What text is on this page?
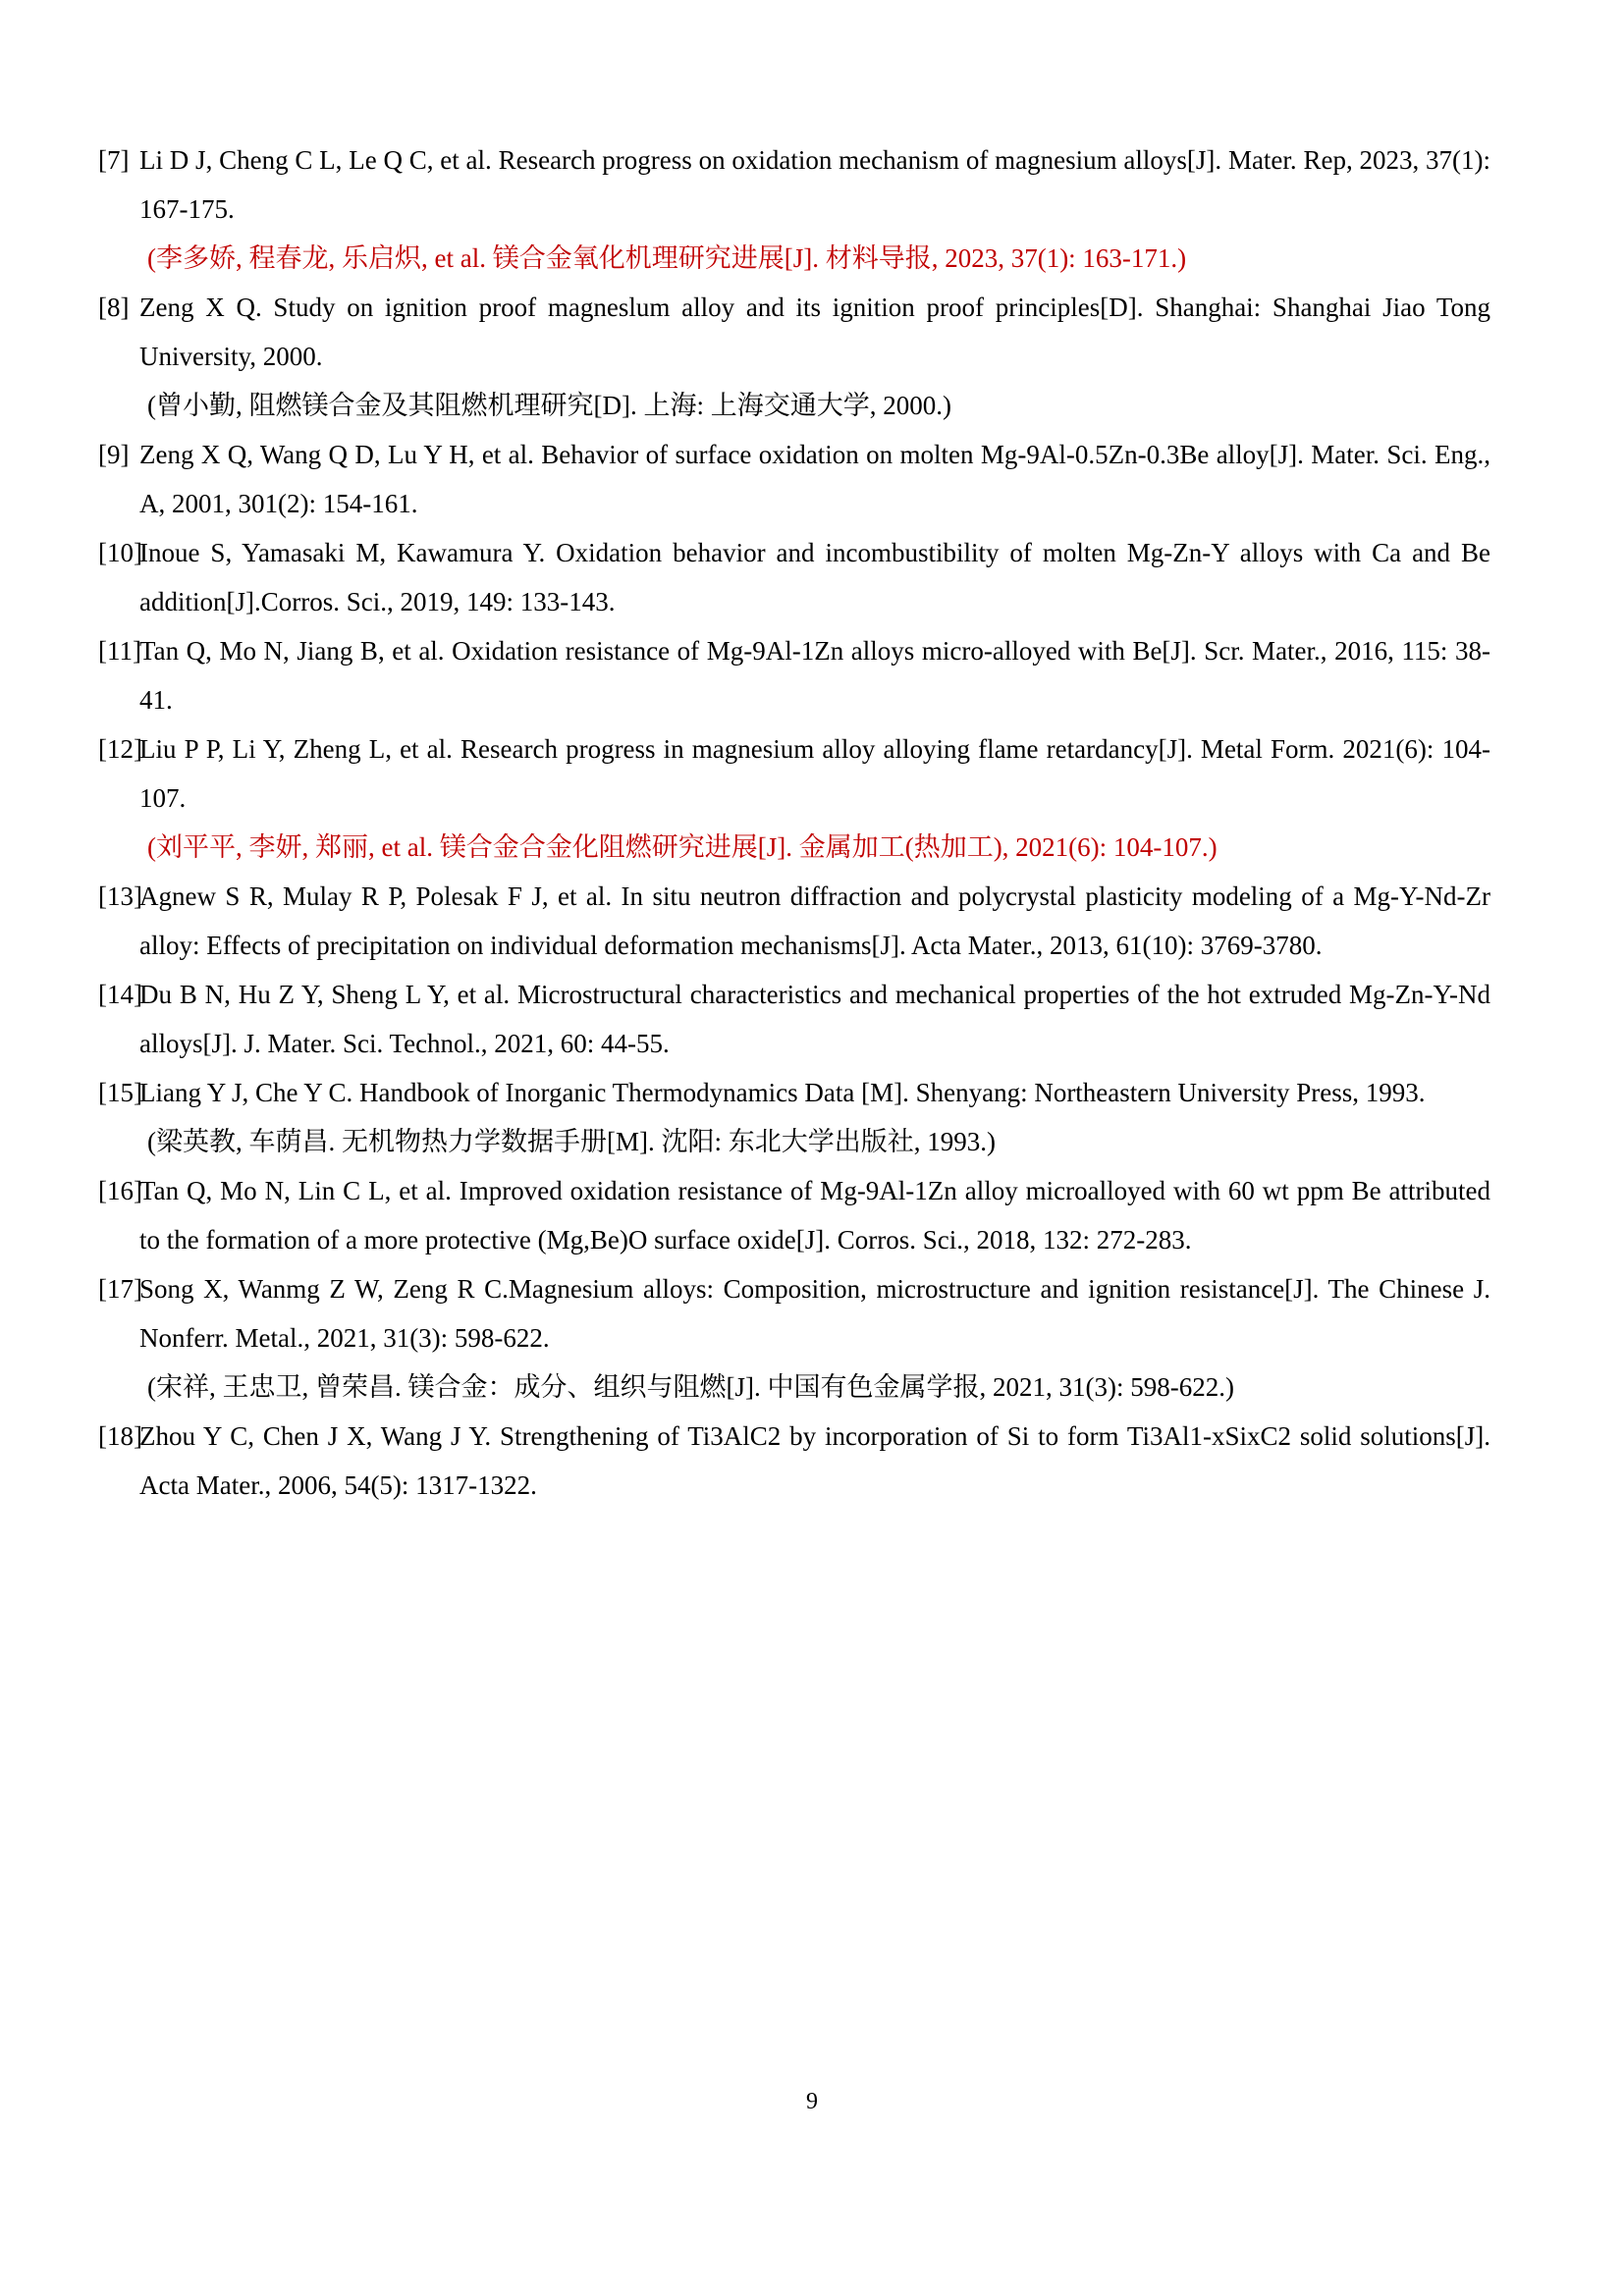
[7] Li D J, Cheng C L, Le Q C, et al. Research progress on oxidation mechanism of magnesium alloys[J]. Mater. Rep, 2023, 37(1): 167-175.
(李多娇, 程春龙, 乐启炽, et al. 镁合金氧化机理研究进展[J]. 材料导报, 2023, 37(1): 163-171.)
[8] Zeng X Q. Study on ignition proof magneslum alloy and its ignition proof principles[D]. Shanghai: Shanghai Jiao Tong University, 2000.
(曾小勤, 阻燃镁合金及其阻燃机理研究[D]. 上海: 上海交通大学, 2000.)
[9] Zeng X Q, Wang Q D, Lu Y H, et al. Behavior of surface oxidation on molten Mg-9Al-0.5Zn-0.3Be alloy[J]. Mater. Sci. Eng., A, 2001, 301(2): 154-161.
[10]
Inoue S, Yamasaki M, Kawamura Y. Oxidation behavior and incombustibility of molten Mg-Zn-Y alloys with Ca and Be addition[J].Corros. Sci., 2019, 149: 133-143.
[11]
Tan Q, Mo N, Jiang B, et al. Oxidation resistance of Mg-9Al-1Zn alloys micro-alloyed with Be[J]. Scr. Mater., 2016, 115: 38-41.
[12]
Liu P P, Li Y, Zheng L, et al. Research progress in magnesium alloy alloying flame retardancy[J]. Metal Form. 2021(6): 104-107.
(刘平平, 李妍, 郑丽, et al. 镁合金合金化阻燃研究进展[J]. 金属加工(热加工), 2021(6): 104-107.)
[13]
Agnew S R, Mulay R P, Polesak F J, et al. In situ neutron diffraction and polycrystal plasticity modeling of a Mg-Y-Nd-Zr alloy: Effects of precipitation on individual deformation mechanisms[J]. Acta Mater., 2013, 61(10): 3769-3780.
[14]
Du B N, Hu Z Y, Sheng L Y, et al. Microstructural characteristics and mechanical properties of the hot extruded Mg-Zn-Y-Nd alloys[J]. J. Mater. Sci. Technol., 2021, 60: 44-55.
[15]
Liang Y J, Che Y C. Handbook of Inorganic Thermodynamics Data [M]. Shenyang: Northeastern University Press, 1993.
(梁英教, 车荫昌. 无机物热力学数据手册[M]. 沈阳: 东北大学出版社, 1993.)
[16]
Tan Q, Mo N, Lin C L, et al. Improved oxidation resistance of Mg-9Al-1Zn alloy microalloyed with 60 wt ppm Be attributed to the formation of a more protective (Mg,Be)O surface oxide[J]. Corros. Sci., 2018, 132: 272-283.
[17]
Song X, Wanmg Z W, Zeng R C.Magnesium alloys: Composition, microstructure and ignition resistance[J]. The Chinese J. Nonferr. Metal., 2021, 31(3): 598-622.
(宋祥, 王忠卫, 曾荣昌. 镁合金：成分、组织与阻燃[J]. 中国有色金属学报, 2021, 31(3): 598-622.)
[18]
Zhou Y C, Chen J X, Wang J Y. Strengthening of Ti3AlC2 by incorporation of Si to form Ti3Al1-xSixC2 solid solutions[J]. Acta Mater., 2006, 54(5): 1317-1322.
9
